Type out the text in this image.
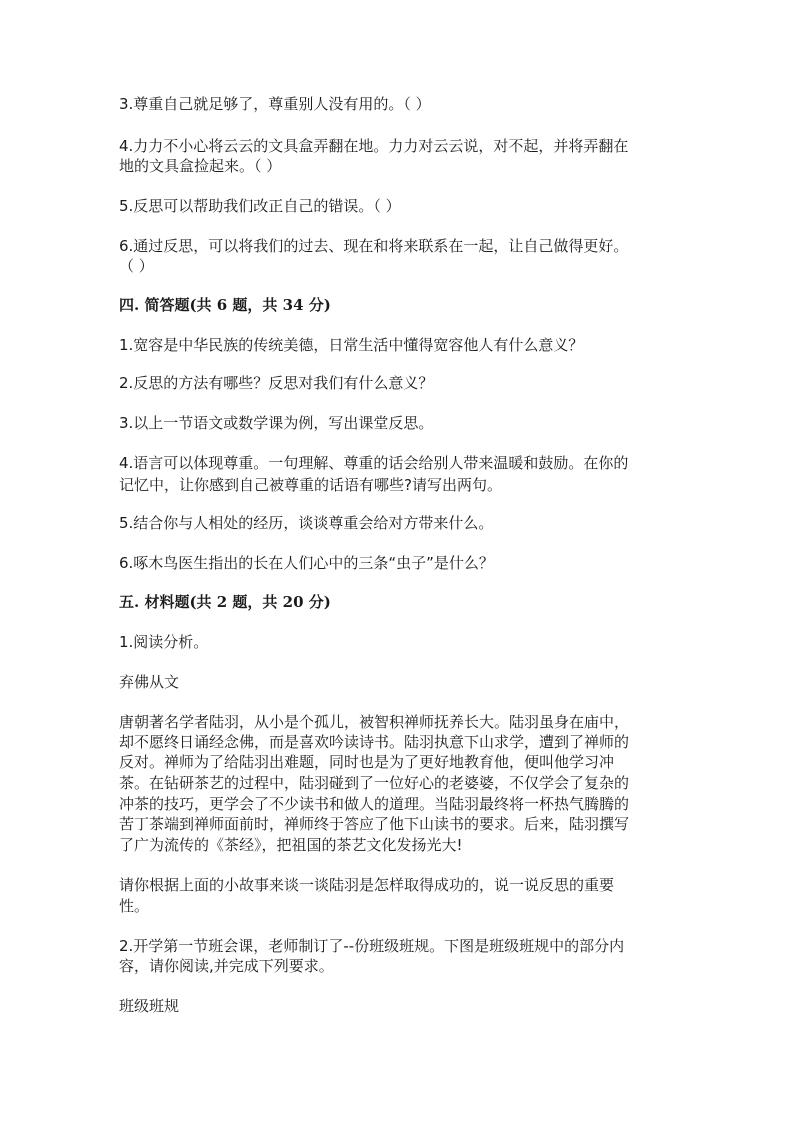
3.尊重自己就足够了，尊重别人没有用的。（ ）
4.力力不小心将云云的文具盒弄翻在地。力力对云云说，对不起，并将弄翻在
地的文具盒捡起来。（ ）
5.反思可以帮助我们改正自己的错误。（ ）
6.通过反思，可以将我们的过去、现在和将来联系在一起，让自己做得更好。
（ ）
四. 简答题(共 6 题，共 34 分)
1.宽容是中华民族的传统美德，日常生活中懂得宽容他人有什么意义？
2.反思的方法有哪些？反思对我们有什么意义？
3.以上一节语文或数学课为例，写出课堂反思。
4.语言可以体现尊重。一句理解、尊重的话会给别人带来温暖和鼓励。在你的
记忆中，让你感到自己被尊重的话语有哪些?请写出两句。
5.结合你与人相处的经历，谈谈尊重会给对方带来什么。
6.啄木鸟医生指出的长在人们心中的三条“虫子”是什么？
五. 材料题(共 2 题，共 20 分)
1.阅读分析。
弃佛从文
唐朝著名学者陆羽，从小是个孤儿，被智积禅师抚养长大。陆羽虽身在庙中，
却不愿终日诵经念佛，而是喜欢吟读诗书。陆羽执意下山求学，遭到了禅师的
反对。禅师为了给陆羽出难题，同时也是为了更好地教育他，便叫他学习冲
茶。在钻研茶艺的过程中，陆羽碰到了一位好心的老婆婆，不仅学会了复杂的
冲茶的技巧，更学会了不少读书和做人的道理。当陆羽最终将一杯热气腾腾的
苦丁茶端到禅师面前时，禅师终于答应了他下山读书的要求。后来，陆羽撰写
了广为流传的《茶经》，把祖国的茶艺文化发扬光大!
请你根据上面的小故事来谈一谈陆羽是怎样取得成功的，说一说反思的重要
性。
2.开学第一节班会课，老师制订了--份班级班规。下图是班级班规中的部分内
容，请你阅读,并完成下列要求。
班级班规
